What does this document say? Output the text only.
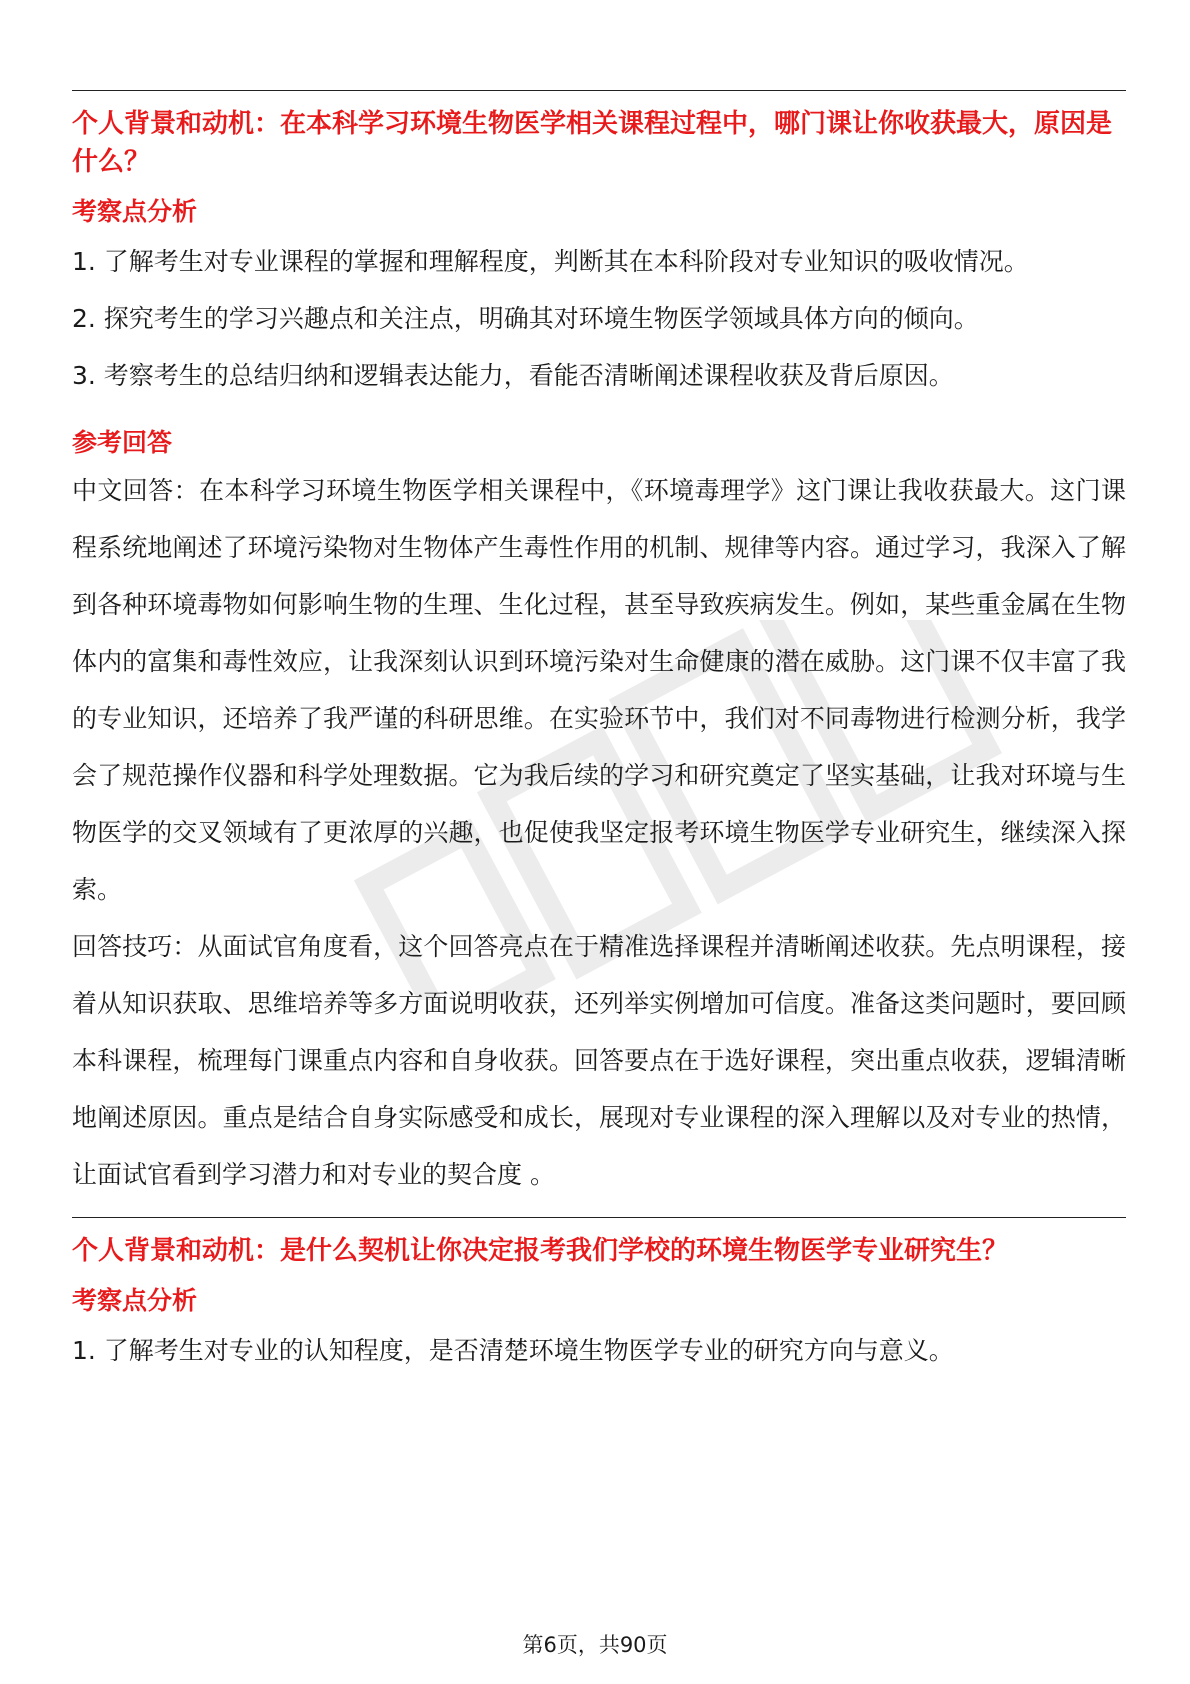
个人背景和动机：在本科学习环境生物医学相关课程过程中，哪门课让你收获最大，原因是什么？
考察点分析
1. 了解考生对专业课程的掌握和理解程度，判断其在本科阶段对专业知识的吸收情况。
2. 探究考生的学习兴趣点和关注点，明确其对环境生物医学领域具体方向的倾向。
3. 考察考生的总结归纳和逻辑表达能力，看能否清晰阐述课程收获及背后原因。
参考回答

中文回答：在本科学习环境生物医学相关课程中，《环境毒理学》这门课让我收获最大。这门课程系统地阐述了环境污染物对生物体产生毒性作用的机制、规律等内容。通过学习，我深入了解到各种环境毒物如何影响生物的生理、生化过程，甚至导致疾病发生。例如，某些重金属在生物体内的富集和毒性效应，让我深刻认识到环境污染对生命健康的潜在威胁。这门课不仅丰富了我的专业知识，还培养了我严谨的科研思维。在实验环节中，我们对不同毒物进行检测分析，我学会了规范操作仪器和科学处理数据。它为我后续的学习和研究奠定了坚实基础，让我对环境与生物医学的交叉领域有了更浓厚的兴趣，也促使我坚定报考环境生物医学专业研究生，继续深入探索。

回答技巧：从面试官角度看，这个回答亮点在于精准选择课程并清晰阐述收获。先点明课程，接着从知识获取、思维培养等多方面说明收获，还列举实例增加可信度。准备这类问题时，要回顾本科课程，梳理每门课重点内容和自身收获。回答要点在于选好课程，突出重点收获，逻辑清晰地阐述原因。重点是结合自身实际感受和成长，展现对专业课程的深入理解以及对专业的热情，让面试官看到学习潜力和对专业的契合度 。

个人背景和动机：是什么契机让你决定报考我们学校的环境生物医学专业研究生？
考察点分析
1. 了解考生对专业的认知程度，是否清楚环境生物医学专业的研究方向与意义。
第6页，共90页
